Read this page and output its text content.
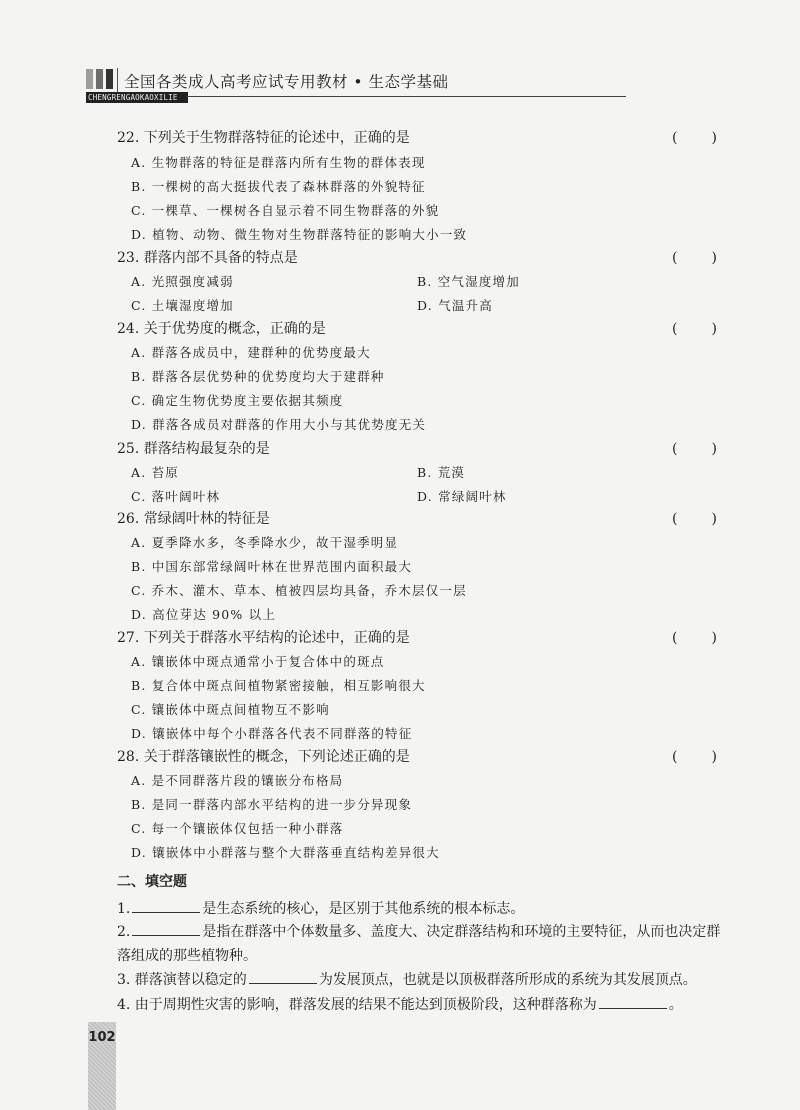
全国各类成人高考应试专用教材 • 生态学基础
CHENGRENGAOKAOXILIE
22. 下列关于生物群落特征的论述中，正确的是	( )
A. 生物群落的特征是群落内所有生物的群体表现
B. 一棵树的高大挺拔代表了森林群落的外貌特征
C. 一棵草、一棵树各自显示着不同生物群落的外貌
D. 植物、动物、微生物对生物群落特征的影响大小一致
23. 群落内部不具备的特点是	( )
A. 光照强度减弱	B. 空气湿度增加
C. 土壤湿度增加	D. 气温升高
24. 关于优势度的概念，正确的是	( )
A. 群落各成员中，建群种的优势度最大
B. 群落各层优势种的优势度均大于建群种
C. 确定生物优势度主要依据其频度
D. 群落各成员对群落的作用大小与其优势度无关
25. 群落结构最复杂的是	( )
A. 苔原	B. 荒漠
C. 落叶阔叶林	D. 常绿阔叶林
26. 常绿阔叶林的特征是	( )
A. 夏季降水多，冬季降水少，故干湿季明显
B. 中国东部常绿阔叶林在世界范围内面积最大
C. 乔木、灌木、草本、植被四层均具备，乔木层仅一层
D. 高位芽达 90% 以上
27. 下列关于群落水平结构的论述中，正确的是	( )
A. 镶嵌体中斑点通常小于复合体中的斑点
B. 复合体中斑点间植物紧密接触，相互影响很大
C. 镶嵌体中斑点间植物互不影响
D. 镶嵌体中每个小群落各代表不同群落的特征
28. 关于群落镶嵌性的概念，下列论述正确的是	( )
A. 是不同群落片段的镶嵌分布格局
B. 是同一群落内部水平结构的进一步分异现象
C. 每一个镶嵌体仅包括一种小群落
D. 镶嵌体中小群落与整个大群落垂直结构差异很大
二、填空题
1.	是生态系统的核心，是区别于其他系统的根本标志。
2.	是指在群落中个体数量多、盖度大、决定群落结构和环境的主要特征，从而也决定群落组成的那些植物种。
3. 群落演替以稳定的	为发展顶点，也就是以顶极群落所形成的系统为其发展顶点。
4. 由于周期性灾害的影响，群落发展的结果不能达到顶极阶段，这种群落称为	。
102
